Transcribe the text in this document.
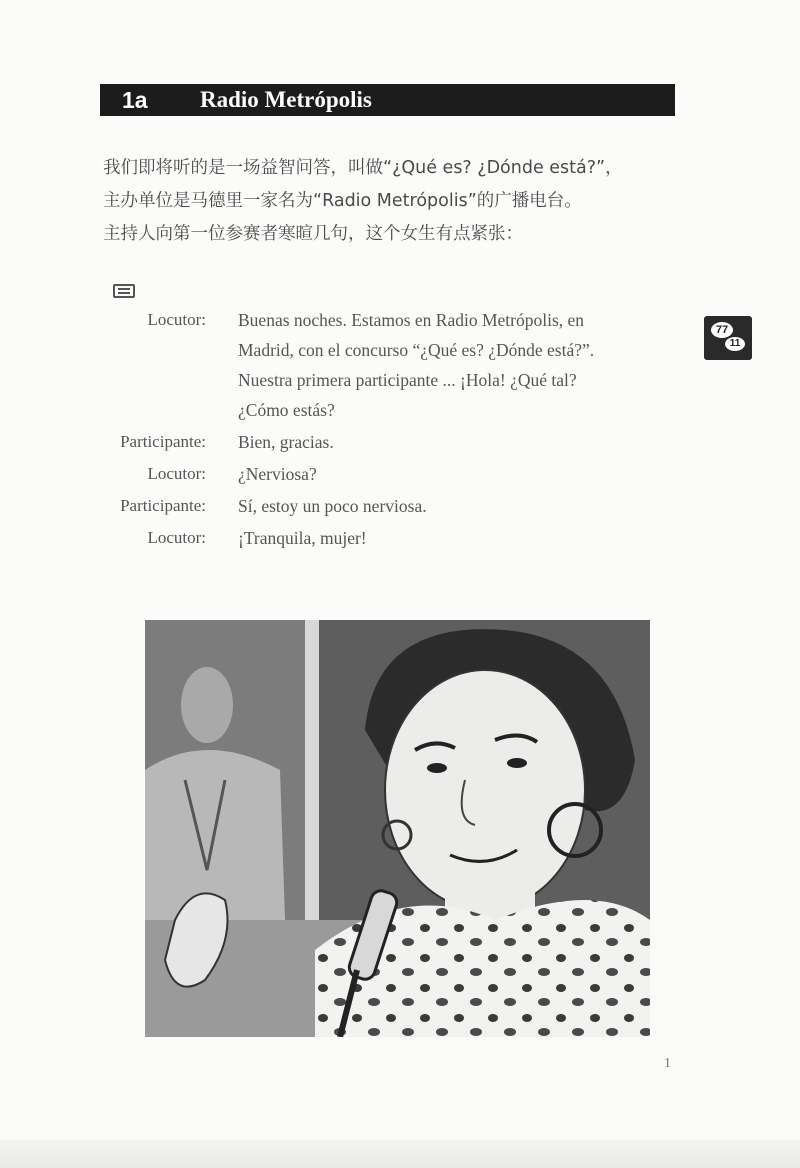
1a Radio Metrópolis
我们即将听的是一场益智问答，叫做“¿Qué es? ¿Dónde está?”，
主办单位是马德里一家名为“Radio Metrópolis”的广播电台。
主持人向第一位参赛者寒暄几句，这个女生有点紧张：
77
11
Locutor: Buenas noches. Estamos en Radio Metrópolis, en
Madrid, con el concurso “¿Qué es? ¿Dónde está?”.
Nuestra primera participante ... ¡Hola! ¿Qué tal?
¿Cómo estás?
Participante: Bien, gracias.
Locutor: ¿Nerviosa?
Participante: Sí, estoy un poco nerviosa.
Locutor: ¡Tranquila, mujer!
1
